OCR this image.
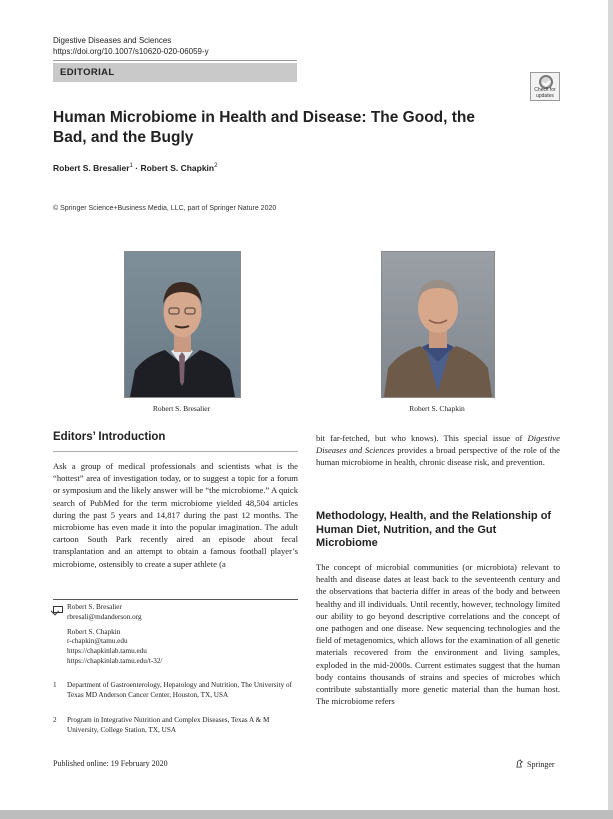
Digestive Diseases and Sciences
https://doi.org/10.1007/s10620-020-06059-y
EDITORIAL
Check for
updates
Human Microbiome in Health and Disease: The Good, the Bad, and the Bugly
Robert S. Bresalier$^1$ · Robert S. Chapkin$^2$
© Springer Science+Business Media, LLC, part of Springer Nature 2020
Robert S. Bresalier	Robert S. Chapkin
Editors’ Introduction
Ask a group of medical professionals and scientists what is the “hottest” area of investigation today, or to suggest a topic for a forum or symposium and the likely answer will be “the microbiome.” A quick search of PubMed for the term microbiome yielded 48,504 articles during the past 5 years and 14,817 during the past 12 months. The microbiome has even made it into the popular imagination. The adult cartoon South Park recently aired an episode about fecal transplantation and an attempt to obtain a famous football player’s microbiome, ostensibly to create a super athlete (a
bit far-fetched, but who knows). This special issue of Digestive Diseases and Sciences provides a broad perspective of the role of the human microbiome in health, chronic disease risk, and prevention.
Methodology, Health, and the Relationship of Human Diet, Nutrition, and the Gut Microbiome
The concept of microbial communities (or microbiota) relevant to health and disease dates at least back to the seventeenth century and the observations that bacteria differ in areas of the body and between healthy and ill individuals. Until recently, however, technology limited our ability to go beyond descriptive correlations and the concept of one pathogen and one disease. New sequencing technologies and the field of metagenomics, which allows for the examination of all genetic materials recovered from the environment and living samples, exploded in the mid-2000s. Current estimates suggest that the human body contains thousands of strains and species of microbes which contribute substantially more genetic material than the human host. The microbiome refers
Robert S. Bresalier
rbresali@mdanderson.org
Robert S. Chapkin
r-chapkin@tamu.edu
https://chapkinlab.tamu.edu
https://chapkinlab.tamu.edu/t-32/
1 Department of Gastroenterology, Hepatology and Nutrition, The University of Texas MD Anderson Cancer Center, Houston, TX, USA
2 Program in Integrative Nutrition and Complex Diseases, Texas A & M University, College Station, TX, USA
Published online: 19 February 2020	Springer
